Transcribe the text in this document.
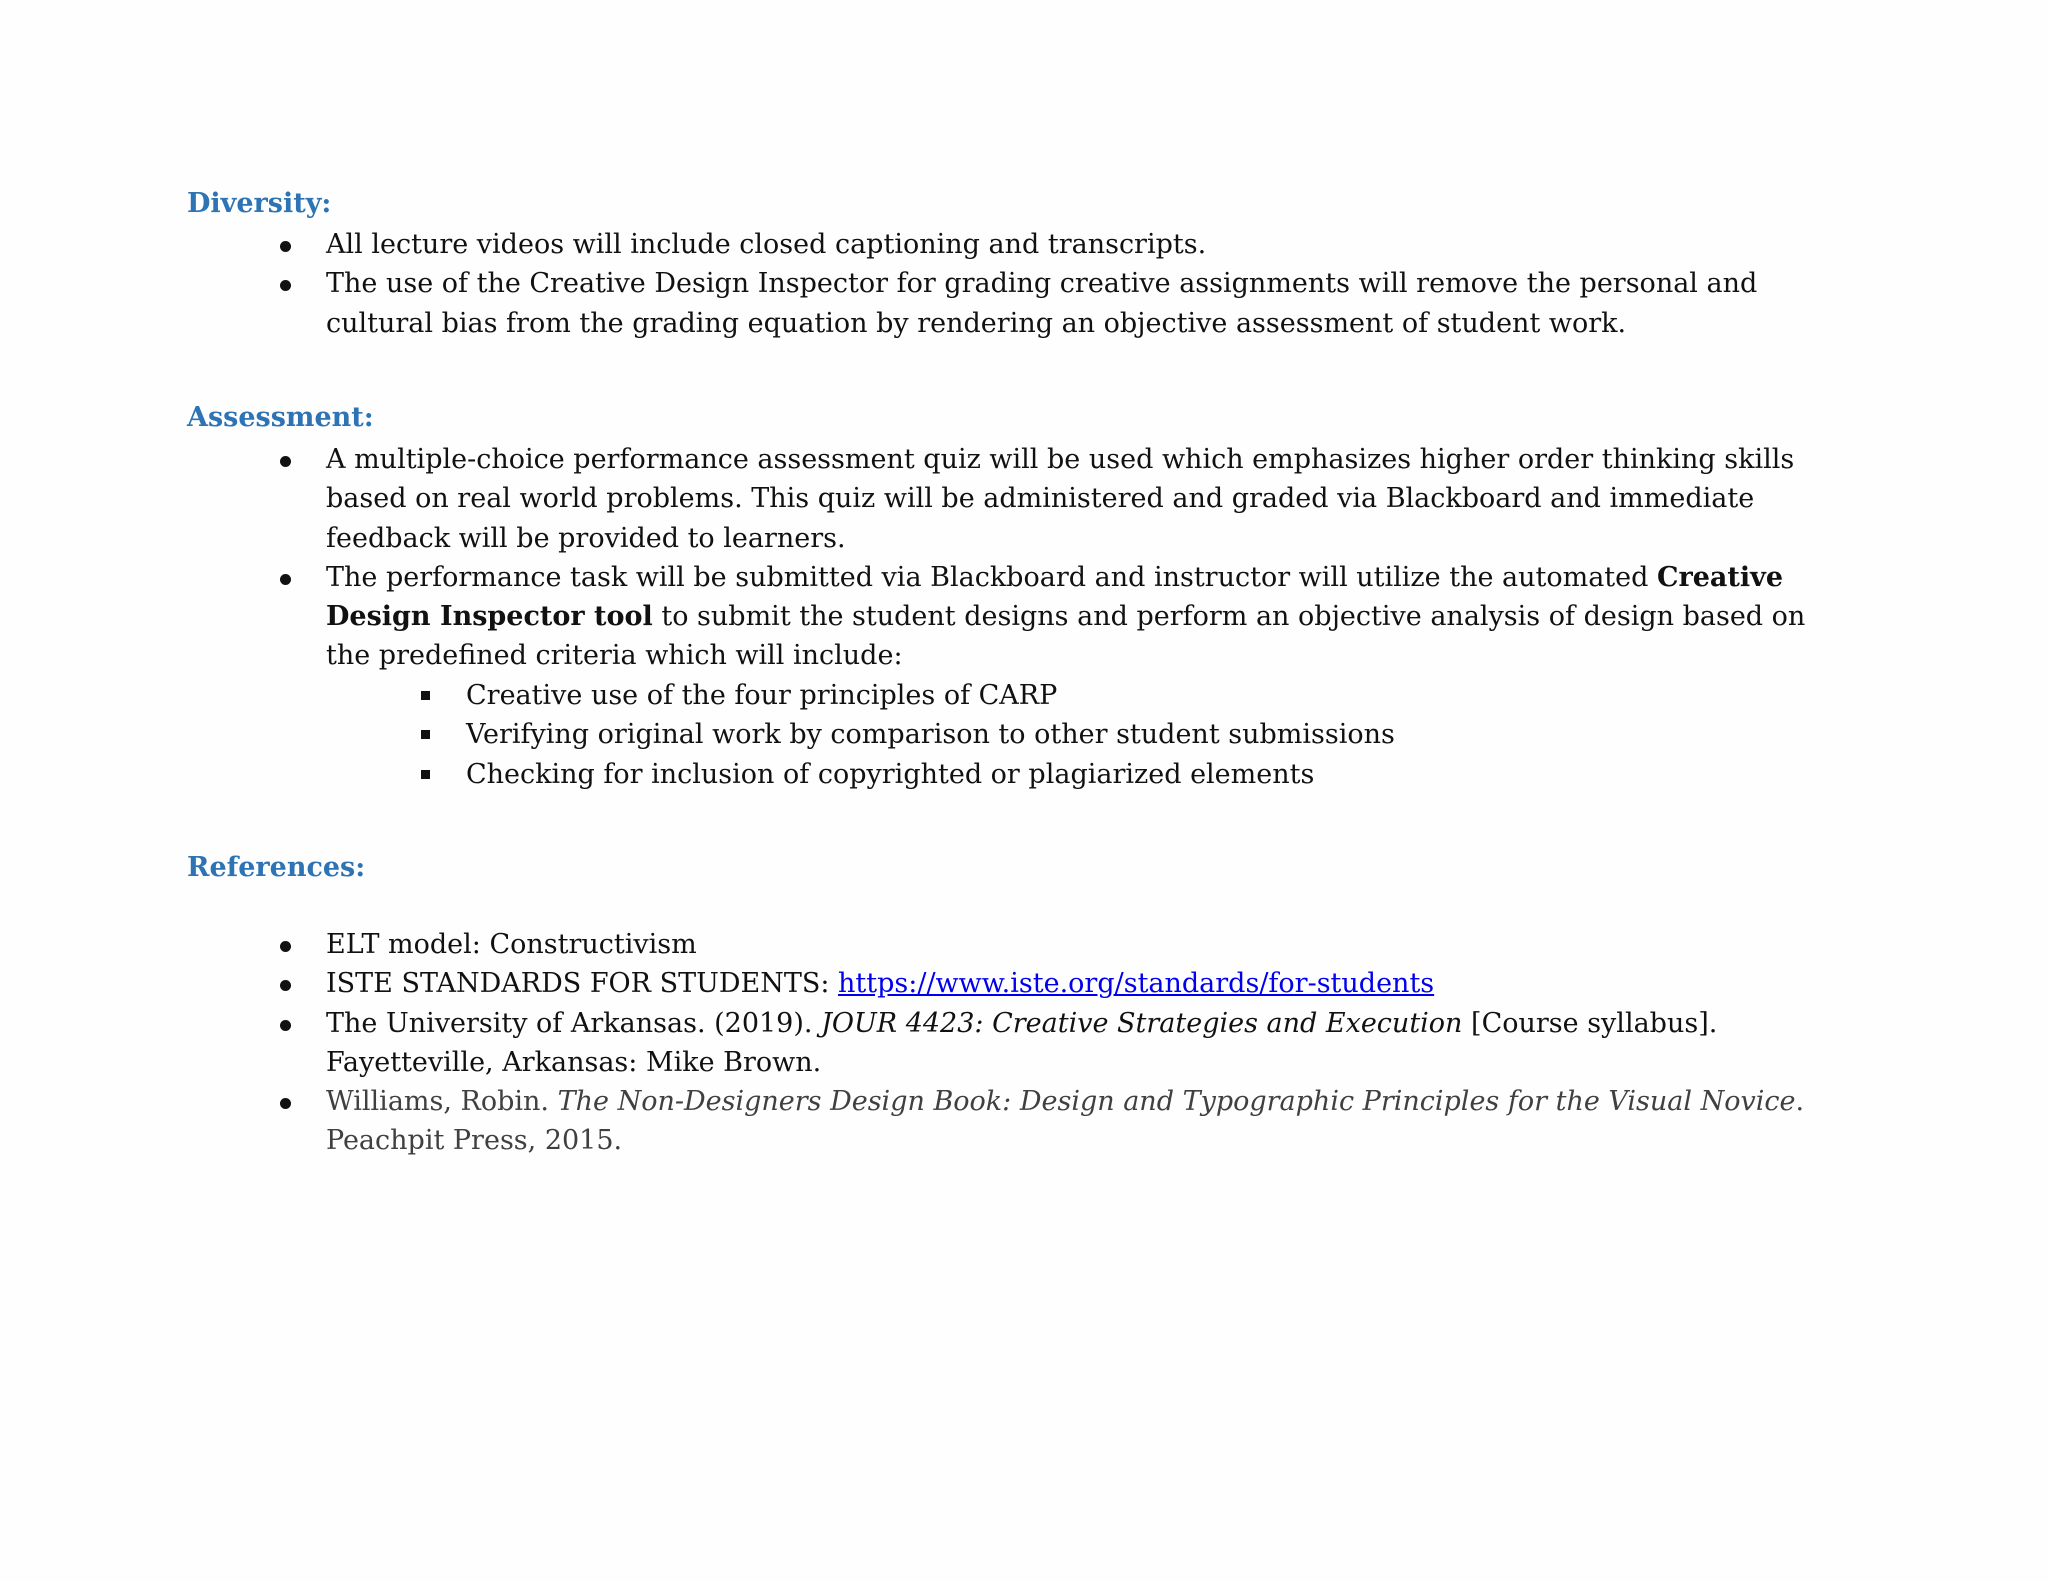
Diversity:
All lecture videos will include closed captioning and transcripts.
The use of the Creative Design Inspector for grading creative assignments will remove the personal and cultural bias from the grading equation by rendering an objective assessment of student work.
Assessment:
A multiple-choice performance assessment quiz will be used which emphasizes higher order thinking skills based on real world problems. This quiz will be administered and graded via Blackboard and immediate feedback will be provided to learners.
The performance task will be submitted via Blackboard and instructor will utilize the automated Creative Design Inspector tool to submit the student designs and perform an objective analysis of design based on the predefined criteria which will include:
Creative use of the four principles of CARP
Verifying original work by comparison to other student submissions
Checking for inclusion of copyrighted or plagiarized elements
References:
ELT model: Constructivism
ISTE STANDARDS FOR STUDENTS: https://www.iste.org/standards/for-students
The University of Arkansas. (2019). JOUR 4423: Creative Strategies and Execution [Course syllabus]. Fayetteville, Arkansas: Mike Brown.
Williams, Robin. The Non-Designers Design Book: Design and Typographic Principles for the Visual Novice. Peachpit Press, 2015.
